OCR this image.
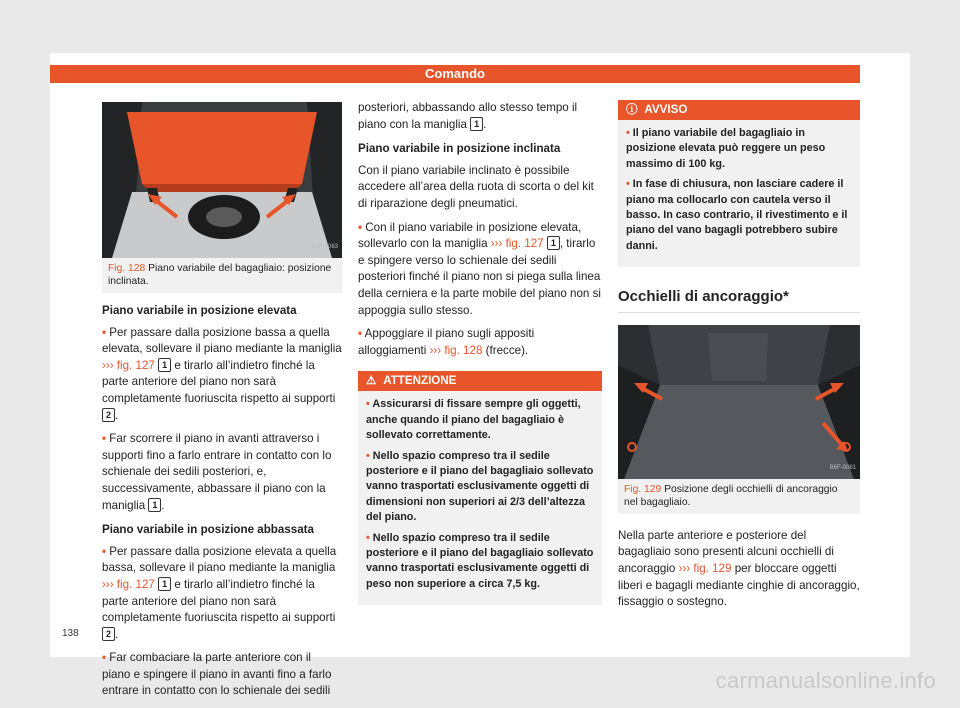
Comando
B6F-0063
Fig. 128 Piano variabile del bagagliaio: posizione inclinata.
Piano variabile in posizione elevata

• Per passare dalla posizione bassa a quella elevata, sollevare il piano mediante la maniglia ››› fig. 127 1 e tirarlo all’indietro finché la parte anteriore del piano non sarà completamente fuoriuscita rispetto ai supporti 2 .

• Far scorrere il piano in avanti attraverso i supporti fino a farlo entrare in contatto con lo schienale dei sedili posteriori, e, successivamente, abbassare il piano con la maniglia 1 .

Piano variabile in posizione abbassata

• Per passare dalla posizione elevata a quella bassa, sollevare il piano mediante la maniglia ››› fig. 127 1 e tirarlo all’indietro finché la parte anteriore del piano non sarà completamente fuoriuscita rispetto ai supporti 2 .

• Far combaciare la parte anteriore con il piano e spingere il piano in avanti fino a farlo entrare in contatto con lo schienale dei sedili

posteriori, abbassando allo stesso tempo il piano con la maniglia 1 .

Piano variabile in posizione inclinata

Con il piano variabile inclinato è possibile accedere all’area della ruota di scorta o del kit di riparazione degli pneumatici.

• Con il piano variabile in posizione elevata, sollevarlo con la maniglia ››› fig. 127 1 , tirarlo e spingere verso lo schienale dei sedili posteriori finché il piano non si piega sulla linea della cerniera e la parte mobile del piano non si appoggia sullo stesso.

• Appoggiare il piano sugli appositi alloggiamenti ››› fig. 128 (frecce).

⚠ ATTENZIONE

• Assicurarsi di fissare sempre gli oggetti, anche quando il piano del bagagliaio è sollevato correttamente.

• Nello spazio compreso tra il sedile posteriore e il piano del bagagliaio sollevato vanno trasportati esclusivamente oggetti di dimensioni non superiori ai 2/3 dell’altezza del piano.

• Nello spazio compreso tra il sedile posteriore e il piano del bagagliaio sollevato vanno trasportati esclusivamente oggetti di peso non superiore a circa 7,5 kg.

ⓘ AVVISO

• Il piano variabile del bagagliaio in posizione elevata può reggere un peso massimo di 100 kg.

• In fase di chiusura, non lasciare cadere il piano ma collocarlo con cautela verso il basso. In caso contrario, il rivestimento e il piano del vano bagagli potrebbero subire danni.

Occhielli di ancoraggio*
B6F-0061
Fig. 129 Posizione degli occhielli di ancoraggio nel bagagliaio.

Nella parte anteriore e posteriore del bagagliaio sono presenti alcuni occhielli di ancoraggio ››› fig. 129 per bloccare oggetti liberi e bagagli mediante cinghie di ancoraggio, fissaggio o sostegno.

138
carmanualsonline.info
